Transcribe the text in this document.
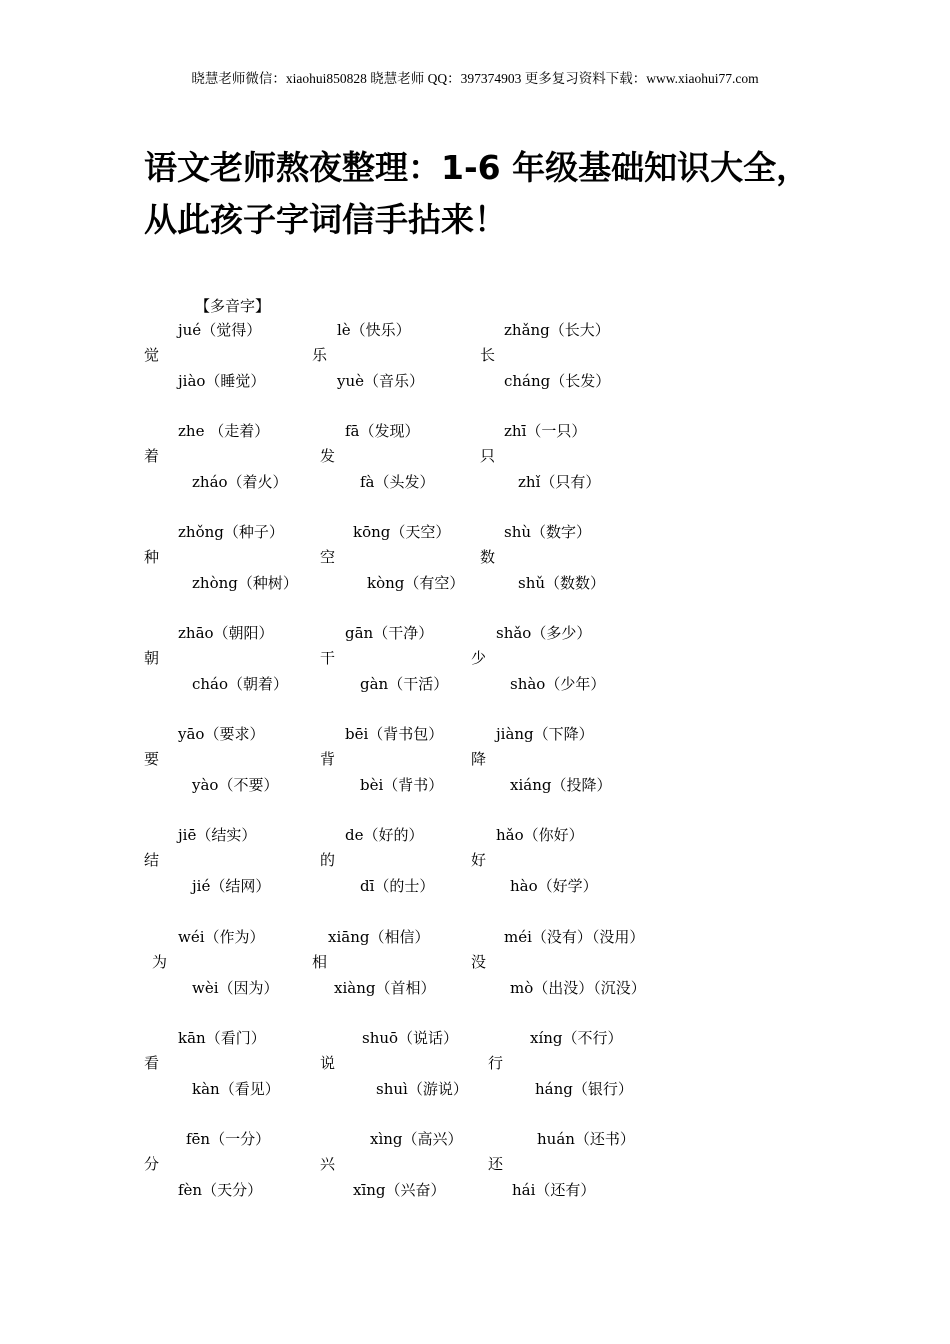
晓慧老师微信：xiaohui850828 晓慧老师 QQ：397374903 更多复习资料下载：www.xiaohui77.com
语文老师熬夜整理：1-6 年级基础知识大全，
从此孩子字词信手拈来！
【多音字】
jué（觉得）
觉
jiào（睡觉）
lè（快乐）
乐
yuè（音乐）
zhǎng（长大）
长
cháng（长发）
zhe （走着）
着
zháo（着火）
fā（发现）
发
fà（头发）
zhī（一只）
只
zhǐ（只有）
zhǒng（种子）
种
zhòng（种树）
kōng（天空）
空
kòng（有空）
shù（数字）
数
shǔ（数数）
zhāo（朝阳）
朝
cháo（朝着）
gān（干净）
干
gàn（干活）
shǎo（多少）
少
shào（少年）
yāo（要求）
要
yào（不要）
bēi（背书包）
背
bèi（背书）
jiàng（下降）
降
xiáng（投降）
jiē（结实）
结
jié（结网）
de（好的）
的
dī（的士）
hǎo（你好）
好
hào（好学）
wéi（作为）
为
wèi（因为）
xiāng（相信）
相
xiàng（首相）
méi（没有）（没用）
没
mò（出没）（沉没）
kān（看门）
看
kàn（看见）
shuō（说话）
说
shuì（游说）
xíng（不行）
行
háng（银行）
fēn（一分）
分
fèn（天分）
xìng（高兴）
兴
xīng（兴奋）
huán（还书）
还
hái（还有）
